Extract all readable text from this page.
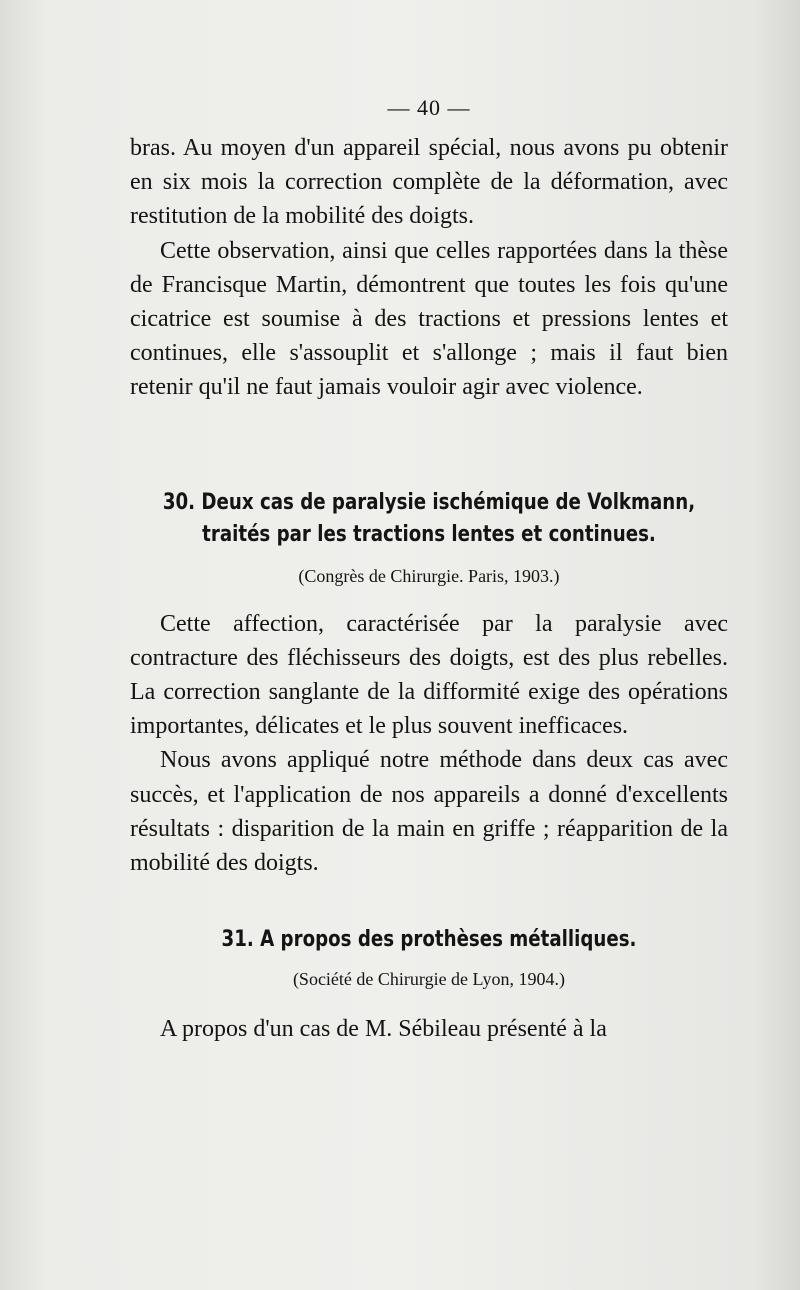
— 40 —

bras. Au moyen d'un appareil spécial, nous avons pu obtenir en six mois la correction complète de la déformation, avec restitution de la mobilité des doigts.

Cette observation, ainsi que celles rapportées dans la thèse de Francisque Martin, démontrent que toutes les fois qu'une cicatrice est soumise à des tractions et pressions lentes et continues, elle s'assouplit et s'allonge ; mais il faut bien retenir qu'il ne faut jamais vouloir agir avec violence.

30. Deux cas de paralysie ischémique de Volkmann,

traités par les tractions lentes et continues.

(Congrès de Chirurgie. Paris, 1903.)

Cette affection, caractérisée par la paralysie avec contracture des fléchisseurs des doigts, est des plus rebelles. La correction sanglante de la difformité exige des opérations importantes, délicates et le plus souvent inefficaces.

Nous avons appliqué notre méthode dans deux cas avec succès, et l'application de nos appareils a donné d'excellents résultats : disparition de la main en griffe ; réapparition de la mobilité des doigts.

31. A propos des prothèses métalliques.

(Société de Chirurgie de Lyon, 1904.)

A propos d'un cas de M. Sébileau présenté à la
